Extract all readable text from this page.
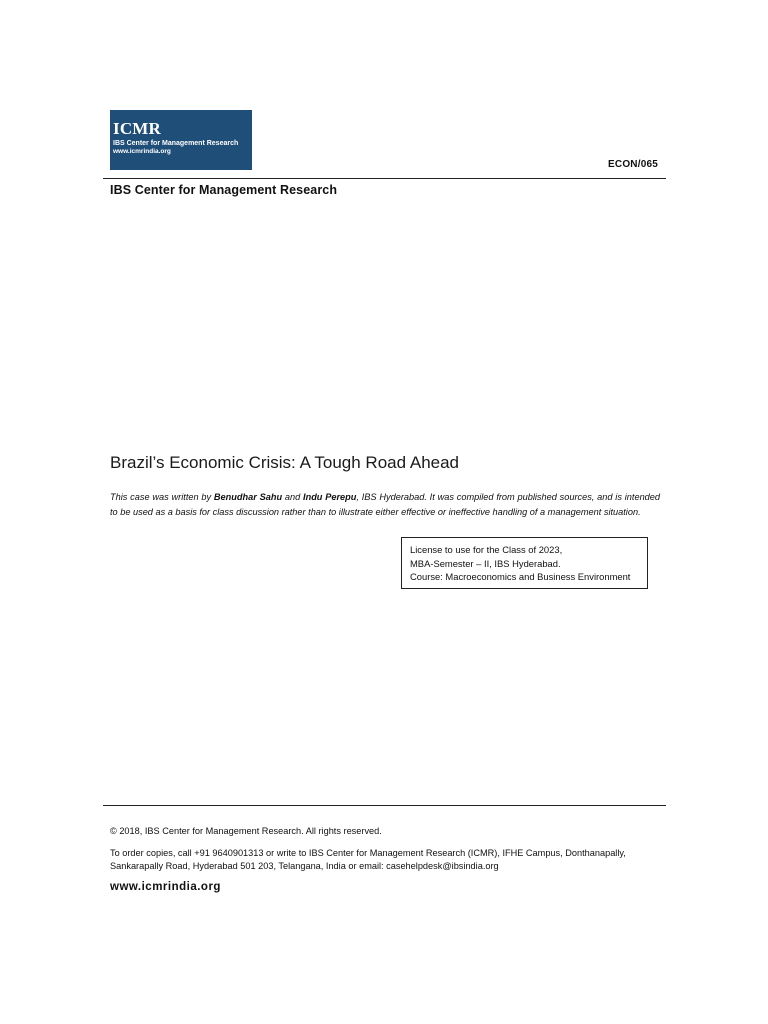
ICMR
IBS Center for Management Research
www.icmrindia.org
ECON/065
IBS Center for Management Research
Brazil’s Economic Crisis: A Tough Road Ahead
This case was written by Benudhar Sahu and Indu Perepu, IBS Hyderabad. It was compiled from published sources, and is intended to be used as a basis for class discussion rather than to illustrate either effective or ineffective handling of a management situation.
License to use for the Class of 2023,
MBA-Semester – II, IBS Hyderabad.
Course: Macroeconomics and Business Environment
© 2018, IBS Center for Management Research. All rights reserved.
To order copies, call +91 9640901313 or write to IBS Center for Management Research (ICMR), IFHE Campus, Donthanapally, Sankarapally Road, Hyderabad 501 203, Telangana, India or email: casehelpdesk@ibsindia.org
www.icmrindia.org
